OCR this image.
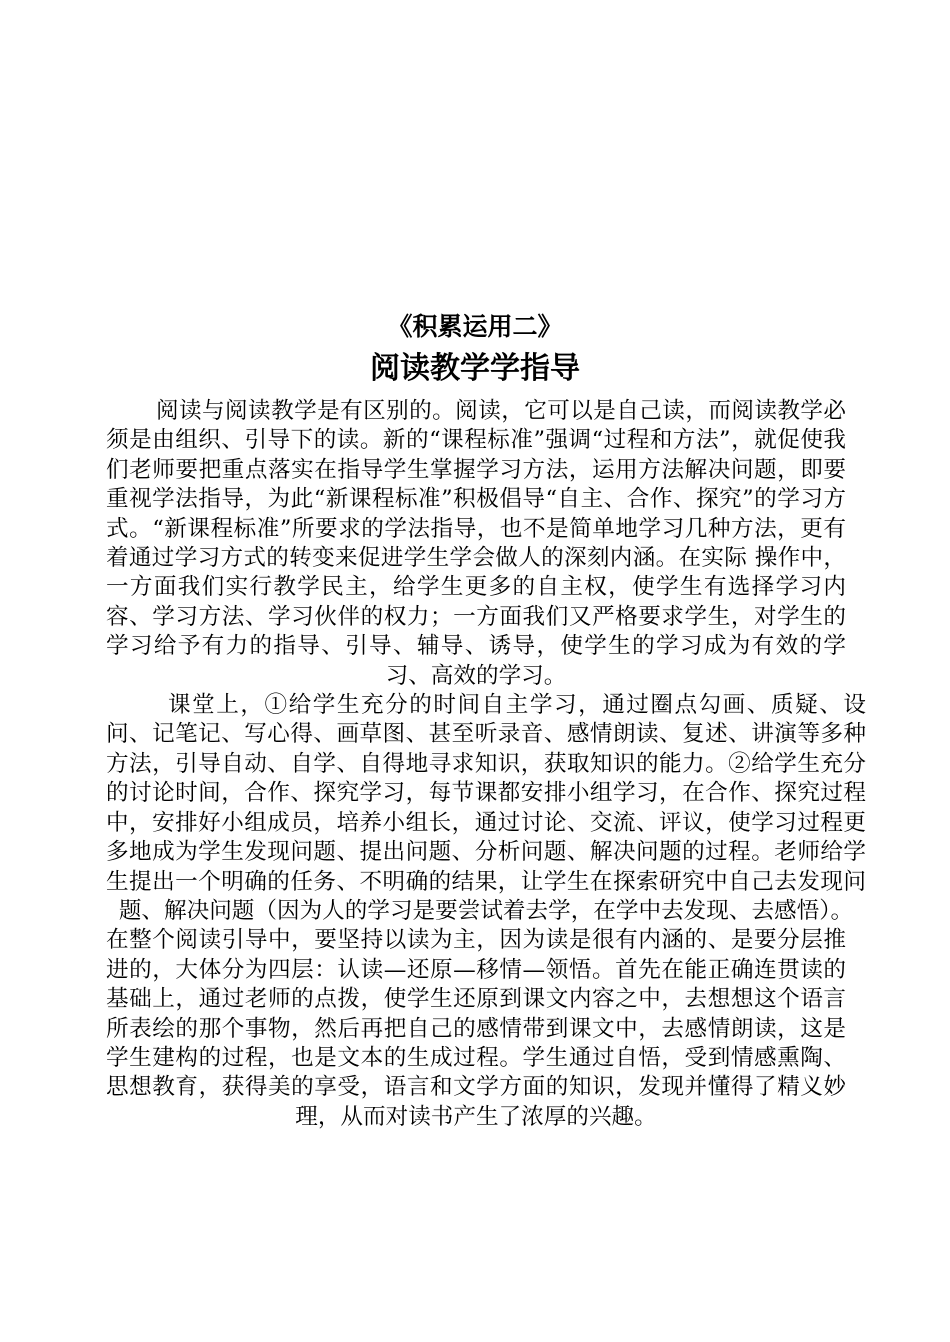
《积累运用二》
阅读教学学指导

阅读与阅读教学是有区别的。阅读，它可以是自己读，而阅读教学必须是由组织、引导下的读。新的“课程标准”强调“过程和方法”，就促使我们老师要把重点落实在指导学生掌握学习方法，运用方法解决问题，即要重视学法指导，为此“新课程标准”积极倡导“自主、合作、探究”的学习方式。“新课程标准”所要求的学法指导，也不是简单地学习几种方法，更有着通过学习方式的转变来促进学生学会做人的深刻内涵。在实际 操作中，一方面我们实行教学民主，给学生更多的自主权，使学生有选择学习内容、学习方法、学习伙伴的权力；一方面我们又严格要求学生，对学生的学习给予有力的指导、引导、辅导、诱导，使学生的学习成为有效的学习、高效的学习。

课堂上，①给学生充分的时间自主学习，通过圈点勾画、质疑、设问、记笔记、写心得、画草图、甚至听录音、感情朗读、复述、讲演等多种方法，引导自动、自学、自得地寻求知识，获取知识的能力。②给学生充分的讨论时间，合作、探究学习，每节课都安排小组学习，在合作、探究过程中，安排好小组成员，培养小组长，通过讨论、交流、评议，使学习过程更多地成为学生发现问题、提出问题、分析问题、解决问题的过程。老师给学生提出一个明确的任务、不明确的结果，让学生在探索研究中自己去发现问题、解决问题（因为人的学习是要尝试着去学，在学中去发现、去感悟）。

在整个阅读引导中，要坚持以读为主，因为读是很有内涵的、是要分层推进的，大体分为四层：认读—还原—移情—领悟。首先在能正确连贯读的基础上，通过老师的点拨，使学生还原到课文内容之中，去想想这个语言所表绘的那个事物，然后再把自己的感情带到课文中，去感情朗读，这是学生建构的过程，也是文本的生成过程。学生通过自悟，受到情感熏陶、思想教育，获得美的享受，语言和文学方面的知识，发现并懂得了精义妙理，从而对读书产生了浓厚的兴趣。
